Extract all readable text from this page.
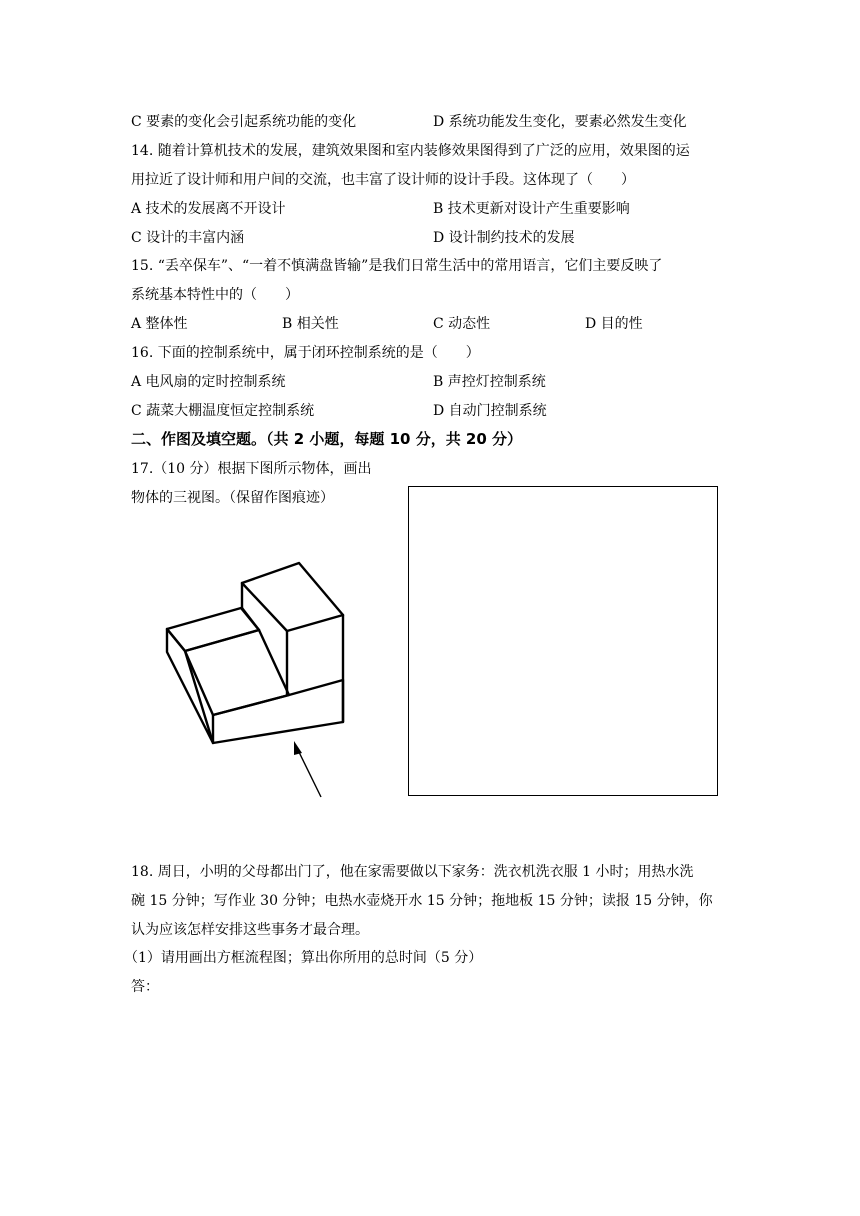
C 要素的变化会引起系统功能的变化	D 系统功能发生变化，要素必然发生变化
14. 随着计算机技术的发展，建筑效果图和室内装修效果图得到了广泛的应用，效果图的运
用拉近了设计师和用户间的交流，也丰富了设计师的设计手段。这体现了（　　）
A 技术的发展离不开设计	B 技术更新对设计产生重要影响
C 设计的丰富内涵	D 设计制约技术的发展
15. “丢卒保车”、“一着不慎满盘皆输”是我们日常生活中的常用语言，它们主要反映了
系统基本特性中的（　　）
A 整体性	B 相关性	C 动态性	D 目的性
16. 下面的控制系统中，属于闭环控制系统的是（　　）
A 电风扇的定时控制系统	B 声控灯控制系统
C 蔬菜大棚温度恒定控制系统	D 自动门控制系统
二、作图及填空题。（共 2 小题，每题 10 分，共 20 分）
17.（10 分）根据下图所示物体，画出
物体的三视图。（保留作图痕迹）
18. 周日，小明的父母都出门了，他在家需要做以下家务：洗衣机洗衣服 1 小时；用热水洗
碗 15 分钟；写作业 30 分钟；电热水壶烧开水 15 分钟；拖地板 15 分钟；读报 15 分钟，你
认为应该怎样安排这些事务才最合理。
（1）请用画出方框流程图；算出你所用的总时间（5 分）
答：
